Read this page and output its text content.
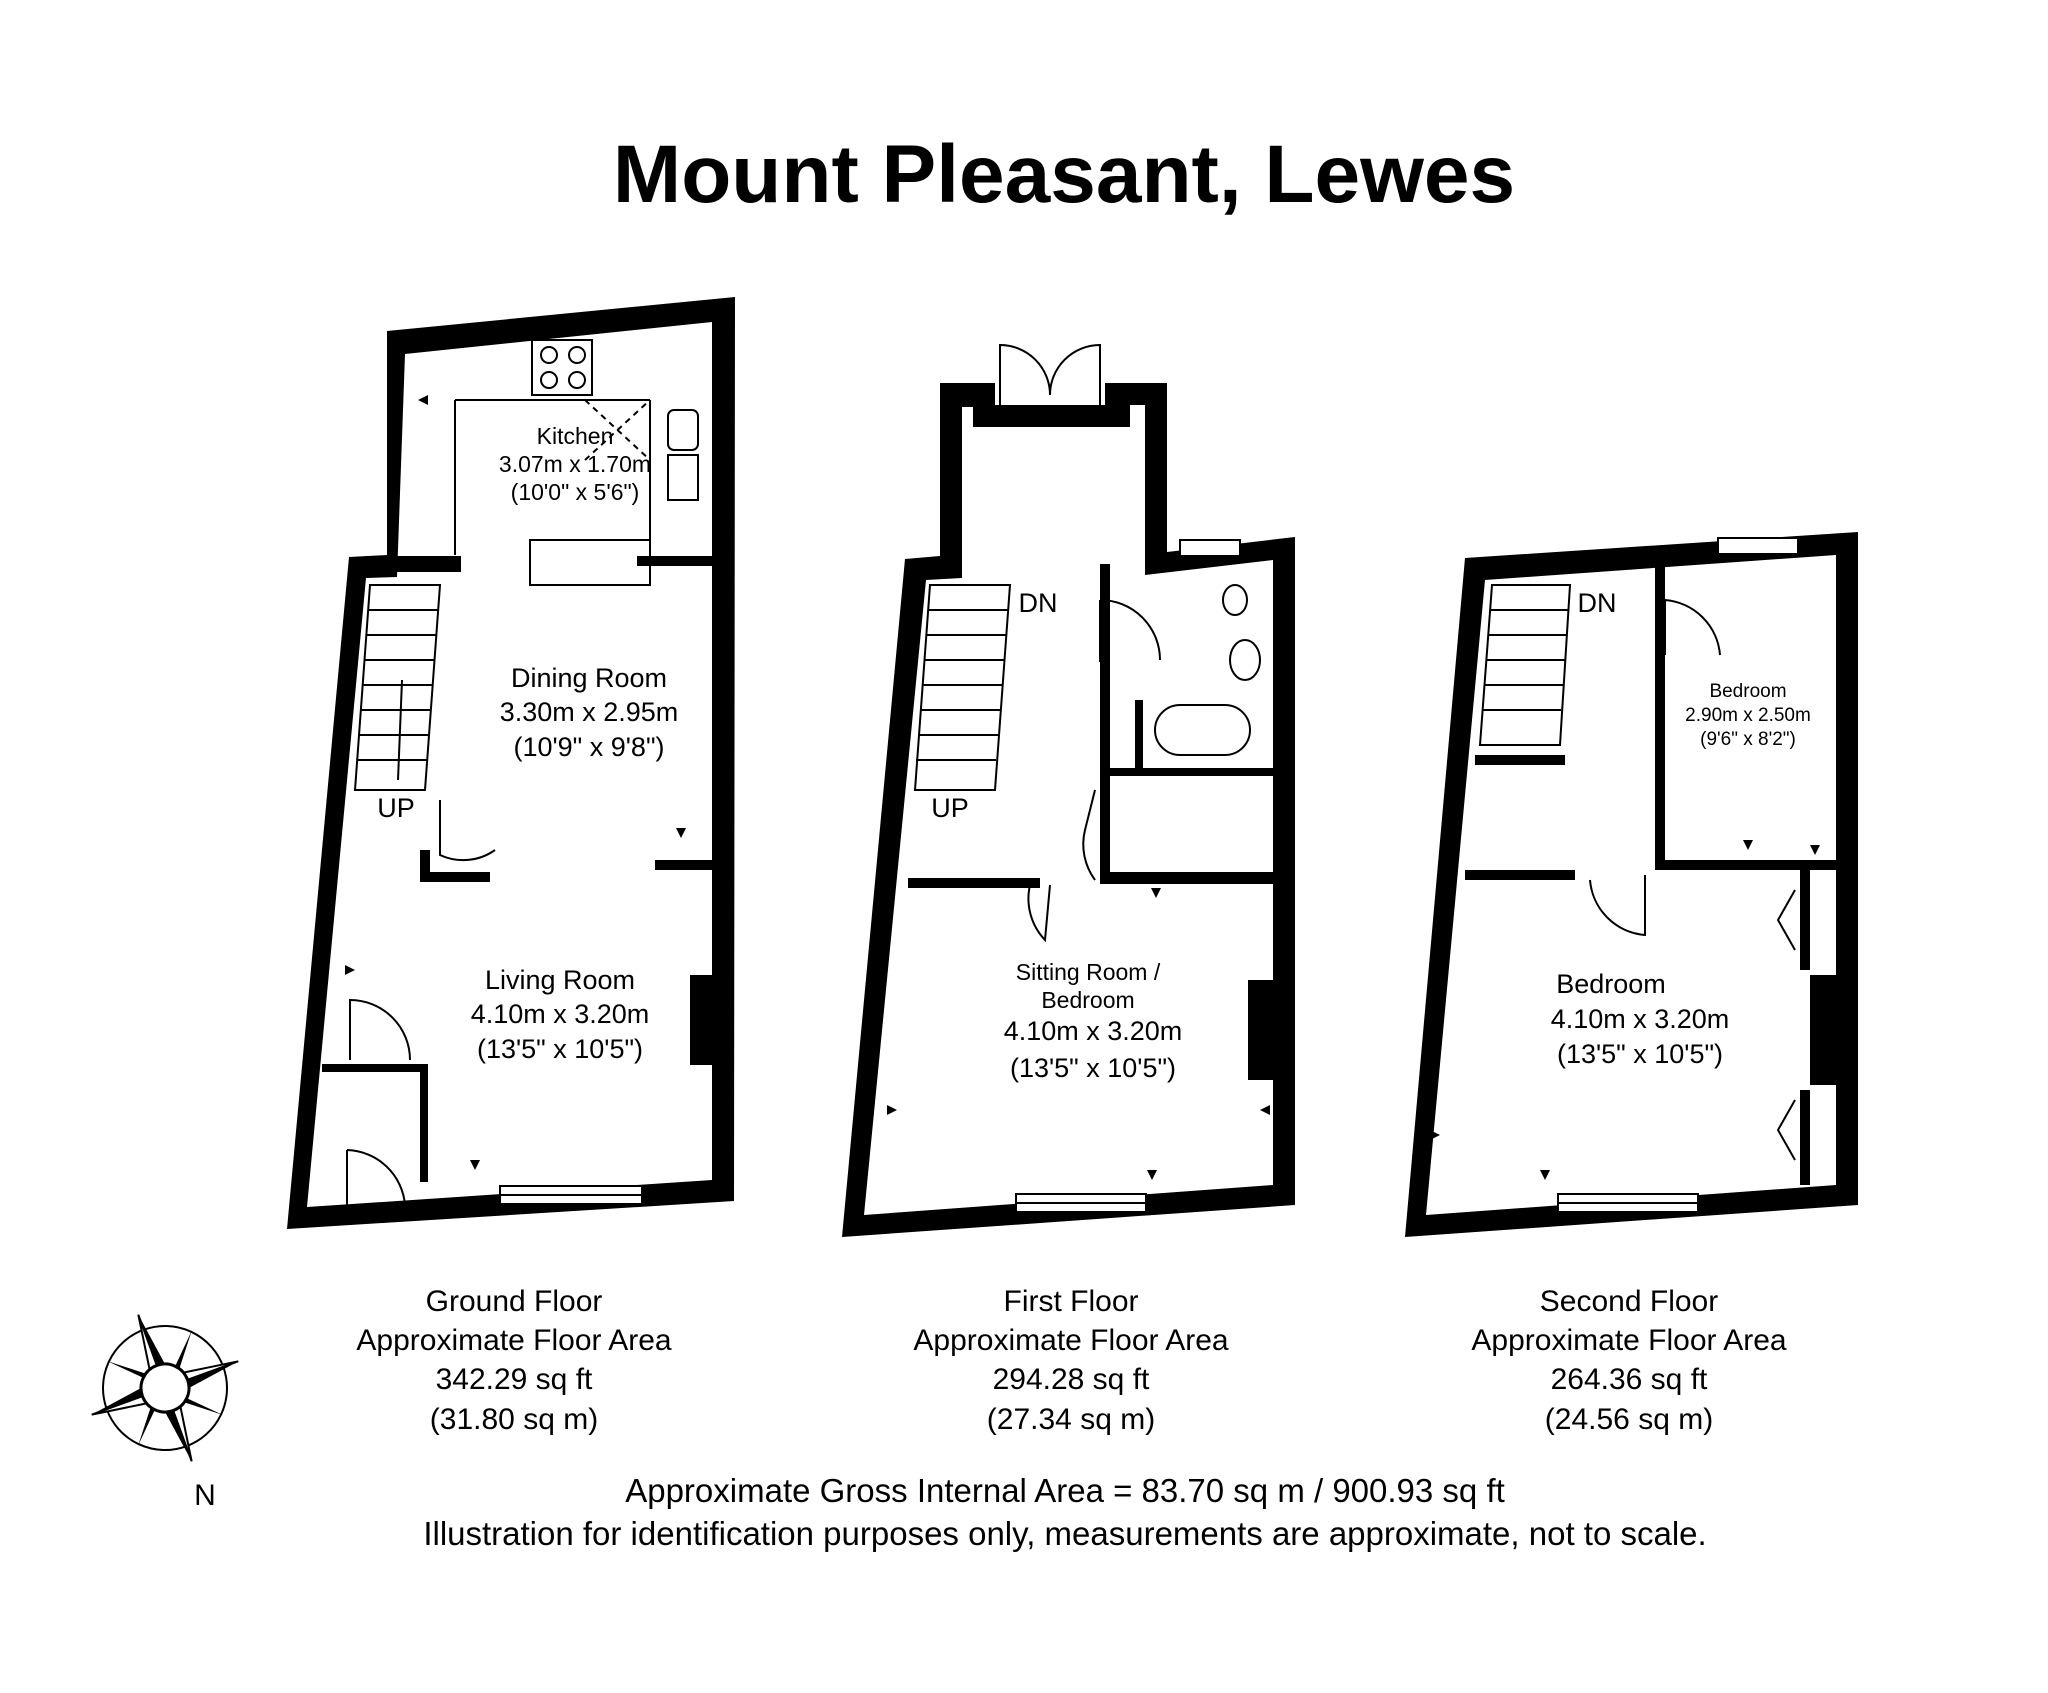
Mount Pleasant, Lewes
Kitchen
3.07m x 1.70m
(10'0" x 5'6")
Dining Room
3.30m x 2.95m
(10'9" x 9'8")
UP
Living Room
4.10m x 3.20m
(13'5" x 10'5")
DN
UP
Sitting Room /
Bedroom
4.10m x 3.20m
(13'5" x 10'5")
DN
Bedroom
2.90m x 2.50m
(9'6" x 8'2")
Bedroom
4.10m x 3.20m
(13'5" x 10'5")
Ground Floor
Approximate Floor Area
342.29 sq ft
(31.80 sq m)
First Floor
Approximate Floor Area
294.28 sq ft
(27.34 sq m)
Second Floor
Approximate Floor Area
264.36 sq ft
(24.56 sq m)
N	Approximate Gross Internal Area = 83.70 sq m / 900.93 sq ft
Illustration for identification purposes only, measurements are approximate, not to scale.
